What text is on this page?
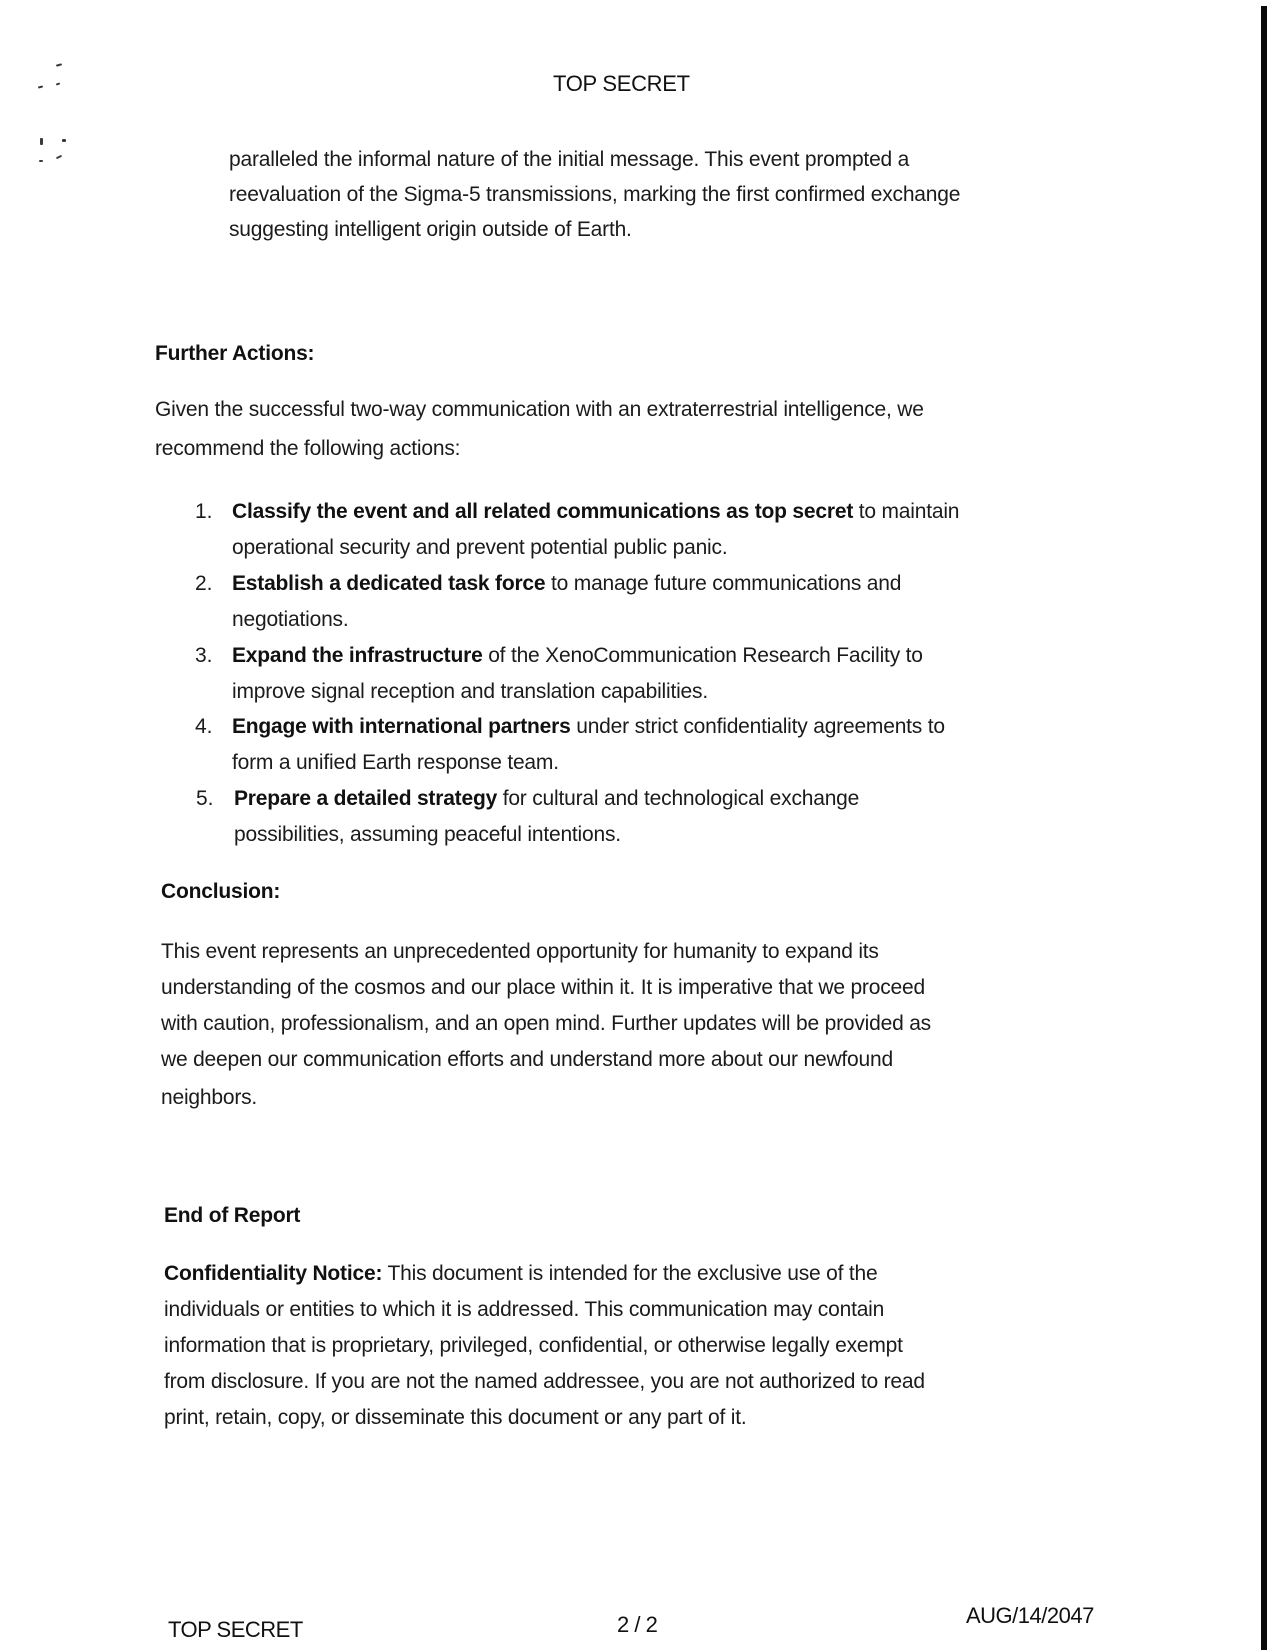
TOP SECRET
paralleled the informal nature of the initial message. This event prompted a
reevaluation of the Sigma-5 transmissions, marking the first confirmed exchange
suggesting intelligent origin outside of Earth.
Further Actions:
Given the successful two-way communication with an extraterrestrial intelligence, we
recommend the following actions:
1. Classify the event and all related communications as top secret to maintain
operational security and prevent potential public panic.
2. Establish a dedicated task force to manage future communications and
negotiations.
3. Expand the infrastructure of the XenoCommunication Research Facility to
improve signal reception and translation capabilities.
4. Engage with international partners under strict confidentiality agreements to
form a unified Earth response team.
5. Prepare a detailed strategy for cultural and technological exchange
possibilities, assuming peaceful intentions.
Conclusion:
This event represents an unprecedented opportunity for humanity to expand its
understanding of the cosmos and our place within it. It is imperative that we proceed
with caution, professionalism, and an open mind. Further updates will be provided as
we deepen our communication efforts and understand more about our newfound
neighbors.
End of Report
Confidentiality Notice: This document is intended for the exclusive use of the
individuals or entities to which it is addressed. This communication may contain
information that is proprietary, privileged, confidential, or otherwise legally exempt
from disclosure. If you are not the named addressee, you are not authorized to read
print, retain, copy, or disseminate this document or any part of it.
TOP SECRET	2 / 2	AUG/14/2047
